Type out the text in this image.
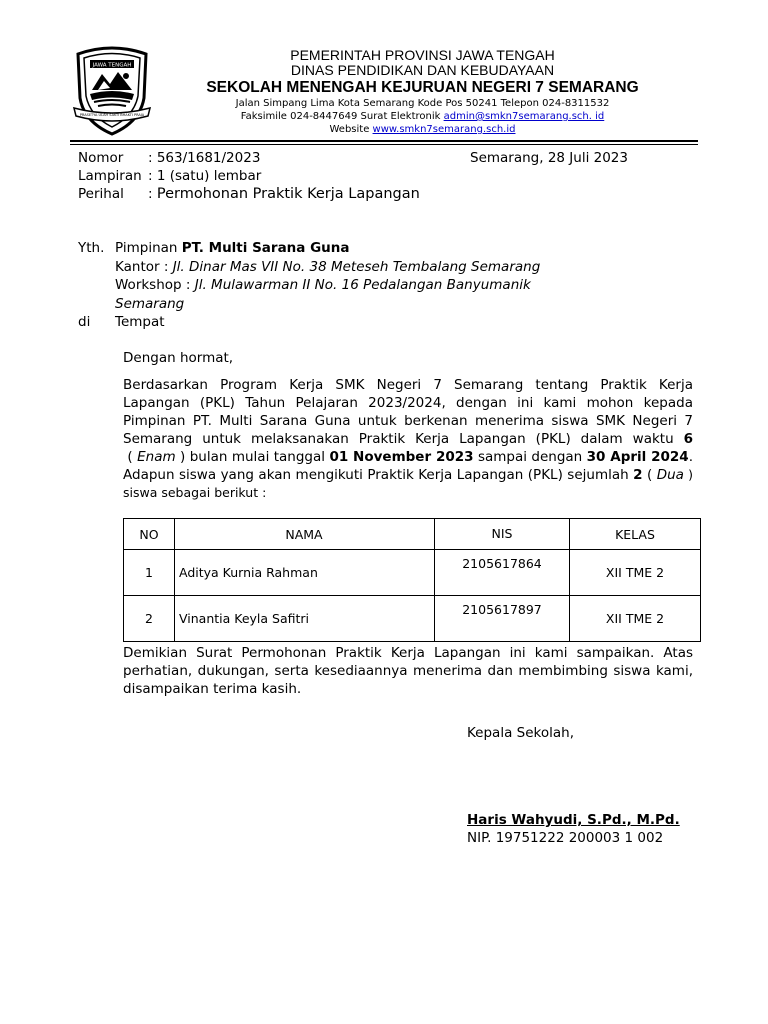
JAWA TENGAH
PRASETYA ULAH SAKTI BHAKTI PRAJA
PEMERINTAH PROVINSI JAWA TENGAH
DINAS PENDIDIKAN DAN KEBUDAYAAN
SEKOLAH MENENGAH KEJURUAN NEGERI 7 SEMARANG
Jalan Simpang Lima Kota Semarang Kode Pos 50241 Telepon 024-8311532
Faksimile 024-8447649 Surat Elektronik admin@smkn7semarang.sch. id
Website www.smkn7semarang.sch.id
Nomor	: 563/1681/2023
Lampiran : 1 (satu) lembar
Perihal	: Permohonan Praktik Kerja Lapangan
Semarang, 28 Juli 2023
Yth. Pimpinan PT. Multi Sarana Guna
Kantor : Jl. Dinar Mas VII No. 38 Meteseh Tembalang Semarang
Workshop : Jl. Mulawarman II No. 16 Pedalangan Banyumanik
Semarang
di Tempat
Dengan hormat,
Berdasarkan Program Kerja SMK Negeri 7 Semarang tentang Praktik Kerja Lapangan (PKL) Tahun Pelajaran 2023/2024, dengan ini kami mohon kepada Pimpinan PT. Multi Sarana Guna untuk berkenan menerima siswa SMK Negeri 7 Semarang untuk melaksanakan Praktik Kerja Lapangan (PKL) dalam waktu 6 ( Enam ) bulan mulai tanggal 01 November 2023 sampai dengan 30 April 2024. Adapun siswa yang akan mengikuti Praktik Kerja Lapangan (PKL) sejumlah 2 ( Dua ) siswa sebagai berikut :
NO	NAMA	NIS	KELAS
1	Aditya Kurnia Rahman	2105617864	XII TME 2
2	Vinantia Keyla Safitri	2105617897	XII TME 2
Demikian Surat Permohonan Praktik Kerja Lapangan ini kami sampaikan. Atas perhatian, dukungan, serta kesediaannya menerima dan membimbing siswa kami, disampaikan terima kasih.
Kepala Sekolah,
Haris Wahyudi, S.Pd., M.Pd.
NIP. 19751222 200003 1 002
